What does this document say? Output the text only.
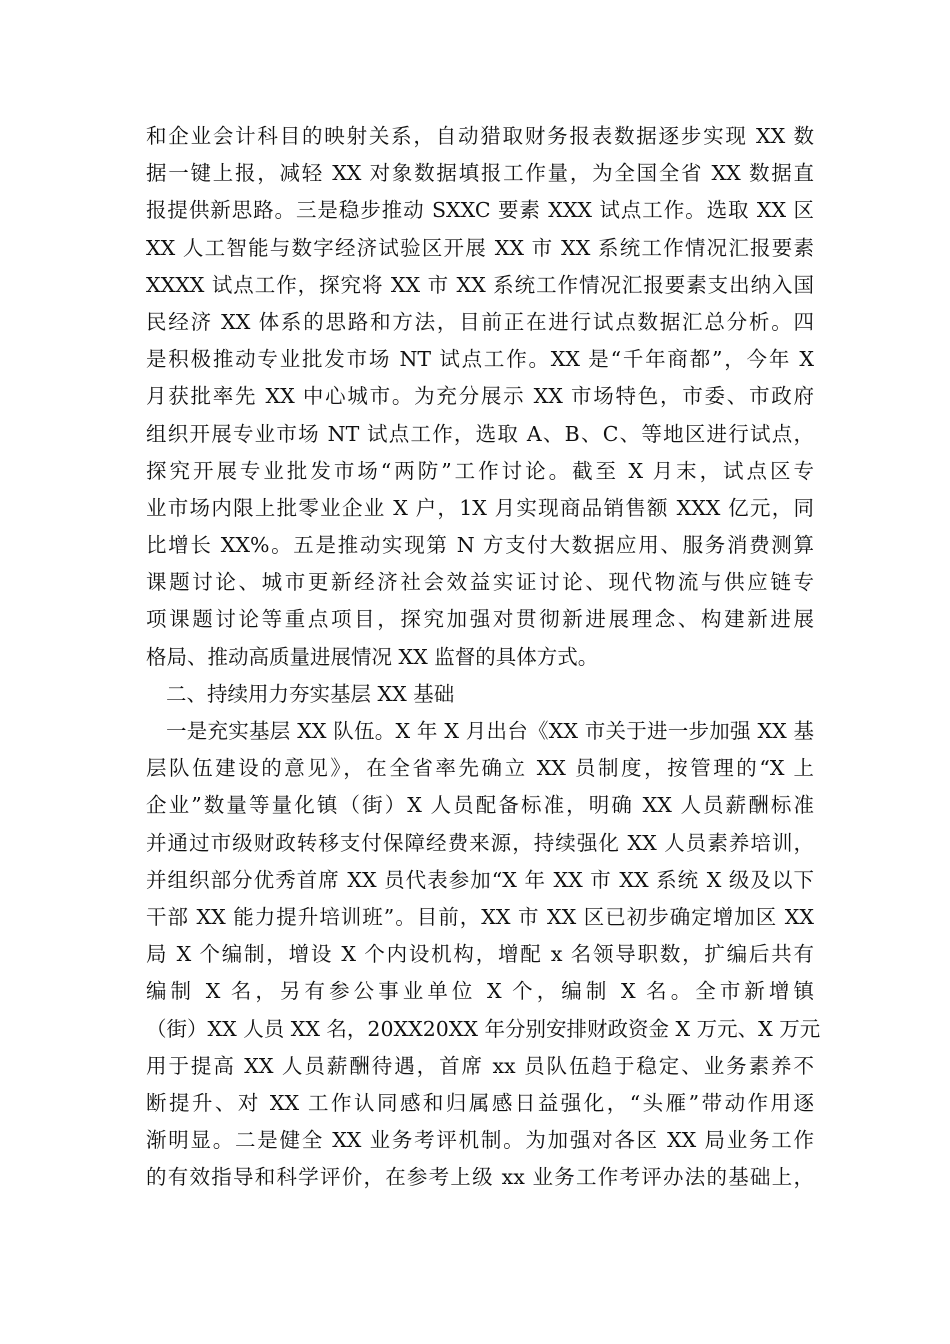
和企业会计科目的映射关系，自动猎取财务报表数据逐步实现 XX 数
据一键上报，减轻 XX 对象数据填报工作量，为全国全省 XX 数据直
报提供新思路。三是稳步推动 SXXC 要素 XXX 试点工作。选取 XX 区
XX 人工智能与数字经济试验区开展 XX 市 XX 系统工作情况汇报要素
XXXX 试点工作，探究将 XX 市 XX 系统工作情况汇报要素支出纳入国
民经济 XX 体系的思路和方法，目前正在进行试点数据汇总分析。四
是积极推动专业批发市场 NT 试点工作。XX 是“千年商都”，今年 X
月获批率先 XX 中心城市。为充分展示 XX 市场特色，市委、市政府
组织开展专业市场 NT 试点工作，选取 A、B、C、等地区进行试点，
探究开展专业批发市场“两防”工作讨论。截至 X 月末，试点区专
业市场内限上批零业企业 X 户，1X 月实现商品销售额 XXX 亿元，同
比增长 XX%。五是推动实现第 N 方支付大数据应用、服务消费测算
课题讨论、城市更新经济社会效益实证讨论、现代物流与供应链专
项课题讨论等重点项目，探究加强对贯彻新进展理念、构建新进展
格局、推动高质量进展情况 XX 监督的具体方式。
二、持续用力夯实基层 XX 基础
一是充实基层 XX 队伍。X 年 X 月出台《XX 市关于进一步加强 XX 基
层队伍建设的意见》，在全省率先确立 XX 员制度，按管理的“X 上
企业”数量等量化镇（街）X 人员配备标准，明确 XX 人员薪酬标准
并通过市级财政转移支付保障经费来源，持续强化 XX 人员素养培训，
并组织部分优秀首席 XX 员代表参加“X 年 XX 市 XX 系统 X 级及以下
干部 XX 能力提升培训班”。目前，XX 市 XX 区已初步确定增加区 XX
局 X 个编制，增设 X 个内设机构，增配 x 名领导职数，扩编后共有
编制 X 名，另有参公事业单位 X 个，编制 X 名。全市新增镇
（街）XX 人员 XX 名，20XX20XX 年分别安排财政资金 X 万元、X 万元
用于提高 XX 人员薪酬待遇，首席 xx 员队伍趋于稳定、业务素养不
断提升、对 XX 工作认同感和归属感日益强化，“头雁”带动作用逐
渐明显。二是健全 XX 业务考评机制。为加强对各区 XX 局业务工作
的有效指导和科学评价，在参考上级 xx 业务工作考评办法的基础上，
